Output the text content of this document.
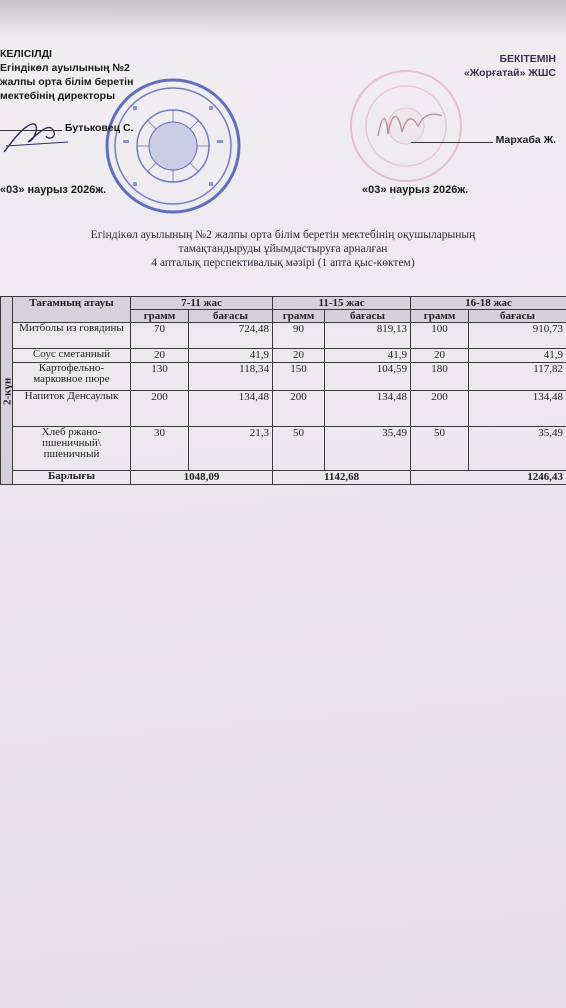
КЕЛІСІЛДІ
Егіндікөл ауылының №2
жалпы орта білім беретін
мектебінің директоры
Бутьковец С.
БЕКІТЕМІН
«Жорғатай» ЖШС
Мархаба Ж.
«03» наурыз 2026ж.	«03» наурыз 2026ж.
Егіндікөл ауылының №2 жалпы орта білім беретін мектебінің оқушыларының
тамақтандыруды ұйымдастыруға арналған
4 апталық перспективалық мәзірі (1 апта қыс-көктем)
2-күн	Тағамның атауы	7-11 жас		11-15 жас		16-18 жас	
		грамм	бағасы	грамм	бағасы	грамм	бағасы
	Митболы из говядины	70	724,48	90	819,13	100	910,73
	Соус сметанный	20	41,9	20	41,9	20	41,9
	Картофельно-марковное пюре	130	118,34	150	104,59	180	117,82
	Напиток Денсаулык	200	134,48	200	134,48	200	134,48
	Хлеб ржано-пшеничный\ пшеничный	30	21,3	50	35,49	50	35,49
	Барлығы	1048,09		1142,68		1246,43	
